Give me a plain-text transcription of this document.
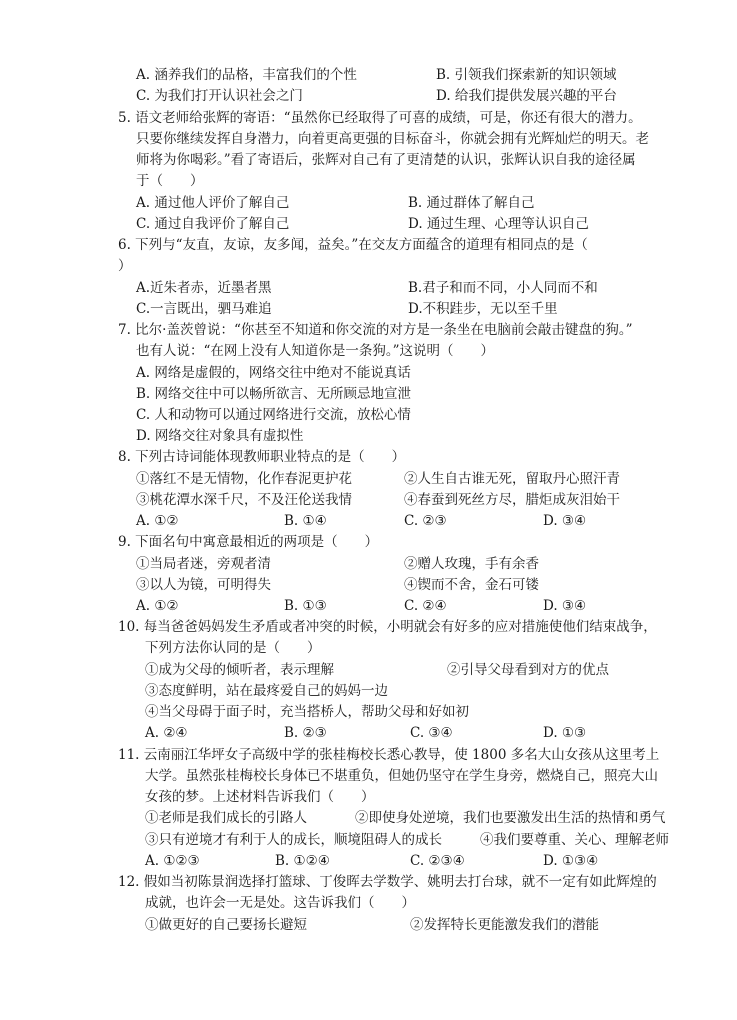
A. 涵养我们的品格，丰富我们的个性	B. 引领我们探索新的知识领域
C. 为我们打开认识社会之门	D. 给我们提供发展兴趣的平台
5. 语文老师给张辉的寄语：“虽然你已经取得了可喜的成绩，可是，你还有很大的潜力。
只要你继续发挥自身潜力，向着更高更强的目标奋斗，你就会拥有光辉灿烂的明天。老
师将为你喝彩。”看了寄语后，张辉对自己有了更清楚的认识，张辉认识自我的途径属
于（　　）
A. 通过他人评价了解自己	B. 通过群体了解自己
C. 通过自我评价了解自己	D. 通过生理、心理等认识自己
6. 下列与“友直，友谅，友多闻，益矣。”在交友方面蕴含的道理有相同点的是（
）
A.近朱者赤，近墨者黑	B.君子和而不同，小人同而不和
C.一言既出，驷马难追	D.不积跬步，无以至千里
7. 比尔·盖茨曾说：“你甚至不知道和你交流的对方是一条坐在电脑前会敲击键盘的狗。”
也有人说：“在网上没有人知道你是一条狗。”这说明（　　）
A. 网络是虚假的，网络交往中绝对不能说真话
B. 网络交往中可以畅所欲言、无所顾忌地宣泄
C. 人和动物可以通过网络进行交流，放松心情
D. 网络交往对象具有虚拟性
8. 下列古诗词能体现教师职业特点的是（　　）
①落红不是无情物，化作春泥更护花	②人生自古谁无死，留取丹心照汗青
③桃花潭水深千尺，不及汪伦送我情	④春蚕到死丝方尽，腊炬成灰泪始干
A. ①②	B. ①④	C. ②③	D. ③④
9. 下面名句中寓意最相近的两项是（　　）
①当局者迷，旁观者清	②赠人玫瑰，手有余香
③以人为镜，可明得失	④锲而不舍，金石可镂
A. ①②	B. ①③	C. ②④	D. ③④
10. 每当爸爸妈妈发生矛盾或者冲突的时候，小明就会有好多的应对措施使他们结束战争，
下列方法你认同的是（　　）
①成为父母的倾听者，表示理解	②引导父母看到对方的优点
③态度鲜明，站在最疼爱自己的妈妈一边
④当父母碍于面子时，充当搭桥人，帮助父母和好如初
A. ②④	B. ②③	C. ③④	D. ①③
11. 云南丽江华坪女子高级中学的张桂梅校长悉心教导，使 1800 多名大山女孩从这里考上
大学。虽然张桂梅校长身体已不堪重负，但她仍坚守在学生身旁，燃烧自己，照亮大山
女孩的梦。上述材料告诉我们（　　）
①老师是我们成长的引路人	②即使身处逆境，我们也要激发出生活的热情和勇气
③只有逆境才有利于人的成长，顺境阻碍人的成长	④我们要尊重、关心、理解老师
A. ①②③	B. ①②④	C. ②③④	D. ①③④
12. 假如当初陈景润选择打篮球、丁俊晖去学数学、姚明去打台球，就不一定有如此辉煌的
成就，也许会一无是处。这告诉我们（　　）
①做更好的自己要扬长避短	②发挥特长更能激发我们的潜能
